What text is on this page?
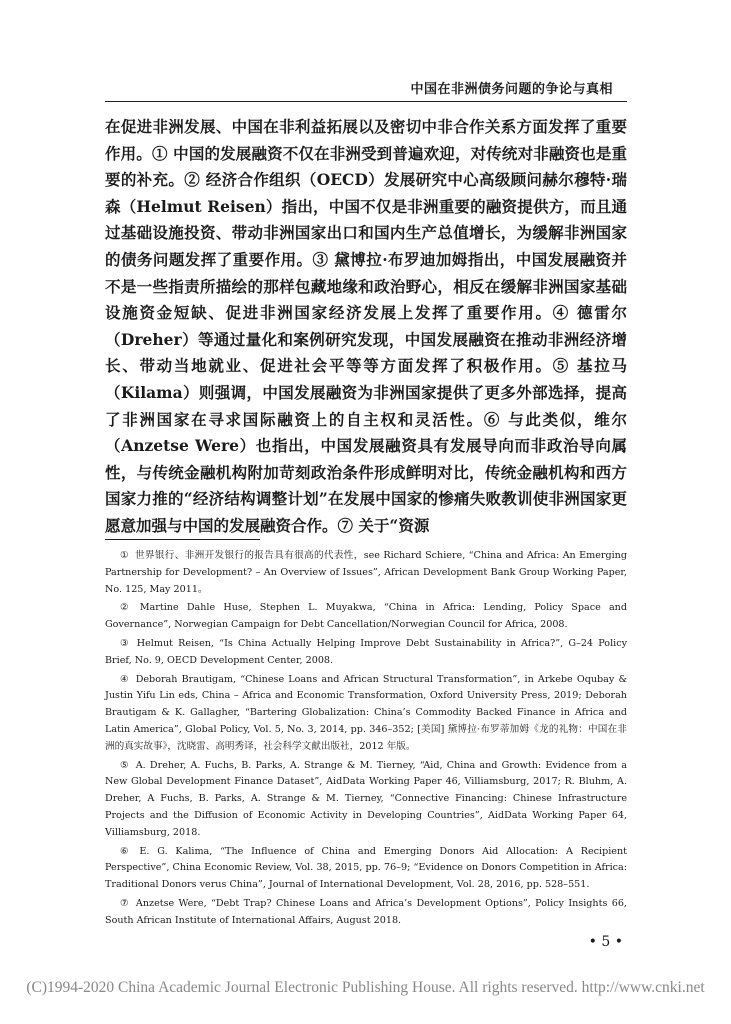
中国在非洲债务问题的争论与真相

在促进非洲发展、中国在非利益拓展以及密切中非合作关系方面发挥了重要作用。① 中国的发展融资不仅在非洲受到普遍欢迎，对传统对非融资也是重要的补充。② 经济合作组织（OECD）发展研究中心高级顾问赫尔穆特·瑞森（Helmut Reisen）指出，中国不仅是非洲重要的融资提供方，而且通过基础设施投资、带动非洲国家出口和国内生产总值增长，为缓解非洲国家的债务问题发挥了重要作用。③ 黛博拉·布罗迪加姆指出，中国发展融资并不是一些指责所描绘的那样包藏地缘和政治野心，相反在缓解非洲国家基础设施资金短缺、促进非洲国家经济发展上发挥了重要作用。④ 德雷尔（Dreher）等通过量化和案例研究发现，中国发展融资在推动非洲经济增长、带动当地就业、促进社会平等等方面发挥了积极作用。⑤ 基拉马（Kilama）则强调，中国发展融资为非洲国家提供了更多外部选择，提高了非洲国家在寻求国际融资上的自主权和灵活性。⑥ 与此类似，维尔（Anzetse Were）也指出，中国发展融资具有发展导向而非政治导向属性，与传统金融机构附加苛刻政治条件形成鲜明对比，传统金融机构和西方国家力推的“经济结构调整计划”在发展中国家的惨痛失败教训使非洲国家更愿意加强与中国的发展融资合作。⑦ 关于“资源

① 世界银行、非洲开发银行的报告具有很高的代表性，see Richard Schiere, “China and Africa: An Emerging Partnership for Development? – An Overview of Issues”, African Development Bank Group Working Paper, No. 125, May 2011。

② Martine Dahle Huse, Stephen L. Muyakwa, “China in Africa: Lending, Policy Space and Governance”, Norwegian Campaign for Debt Cancellation/Norwegian Council for Africa, 2008.

③ Helmut Reisen, “Is China Actually Helping Improve Debt Sustainability in Africa?”, G–24 Policy Brief, No. 9, OECD Development Center, 2008.

④ Deborah Brautigam, “Chinese Loans and African Structural Transformation”, in Arkebe Oqubay & Justin Yifu Lin eds, China – Africa and Economic Transformation, Oxford University Press, 2019; Deborah Brautigam & K. Gallagher, “Bartering Globalization: China’s Commodity Backed Finance in Africa and Latin America”, Global Policy, Vol. 5, No. 3, 2014, pp. 346–352; [美国] 黛博拉·布罗蒂加姆《龙的礼物：中国在非洲的真实故事》，沈晓雷、高明秀译，社会科学文献出版社，2012 年版。

⑤ A. Dreher, A. Fuchs, B. Parks, A. Strange & M. Tierney, “Aid, China and Growth: Evidence from a New Global Development Finance Dataset”, AidData Working Paper 46, Villiamsburg, 2017; R. Bluhm, A. Dreher, A Fuchs, B. Parks, A. Strange & M. Tierney, “Connective Financing: Chinese Infrastructure Projects and the Diffusion of Economic Activity in Developing Countries”, AidData Working Paper 64, Villiamsburg, 2018.

⑥ E. G. Kalima, “The Influence of China and Emerging Donors Aid Allocation: A Recipient Perspective”, China Economic Review, Vol. 38, 2015, pp. 76–9; “Evidence on Donors Competition in Africa: Traditional Donors verus China”, Journal of International Development, Vol. 28, 2016, pp. 528–551.

⑦ Anzetse Were, “Debt Trap? Chinese Loans and Africa’s Development Options”, Policy Insights 66, South African Institute of International Affairs, August 2018.

• 5 •
(C)1994-2020 China Academic Journal Electronic Publishing House. All rights reserved. http://www.cnki.net
